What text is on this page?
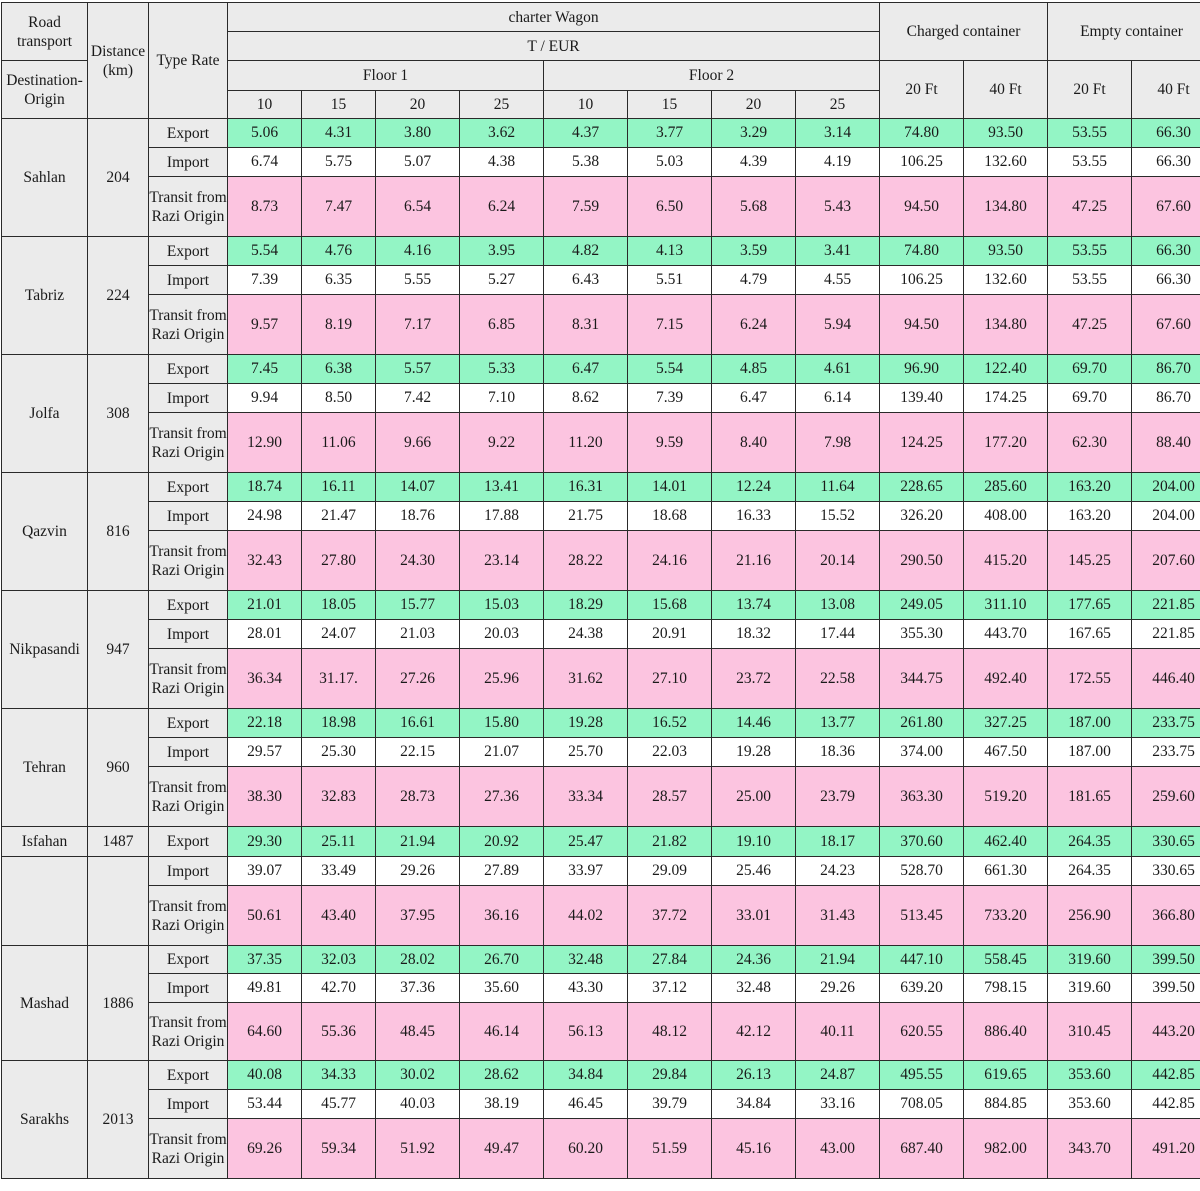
Road transport	Distance (km)	Type Rate	charter Wagon								Charged container		Empty container	
			T / EUR											
Destination-Origin			Floor 1				Floor 2				20 Ft	40 Ft	20 Ft	40 Ft
			10	15	20	25	10	15	20	25				
Sahlan	204	Export	5.06	4.31	3.80	3.62	4.37	3.77	3.29	3.14	74.80	93.50	53.55	66.30
		Import	6.74	5.75	5.07	4.38	5.38	5.03	4.39	4.19	106.25	132.60	53.55	66.30
		Transit from Razi Origin	8.73	7.47	6.54	6.24	7.59	6.50	5.68	5.43	94.50	134.80	47.25	67.60
Tabriz	224	Export	5.54	4.76	4.16	3.95	4.82	4.13	3.59	3.41	74.80	93.50	53.55	66.30
		Import	7.39	6.35	5.55	5.27	6.43	5.51	4.79	4.55	106.25	132.60	53.55	66.30
		Transit from Razi Origin	9.57	8.19	7.17	6.85	8.31	7.15	6.24	5.94	94.50	134.80	47.25	67.60
Jolfa	308	Export	7.45	6.38	5.57	5.33	6.47	5.54	4.85	4.61	96.90	122.40	69.70	86.70
		Import	9.94	8.50	7.42	7.10	8.62	7.39	6.47	6.14	139.40	174.25	69.70	86.70
		Transit from Razi Origin	12.90	11.06	9.66	9.22	11.20	9.59	8.40	7.98	124.25	177.20	62.30	88.40
Qazvin	816	Export	18.74	16.11	14.07	13.41	16.31	14.01	12.24	11.64	228.65	285.60	163.20	204.00
		Import	24.98	21.47	18.76	17.88	21.75	18.68	16.33	15.52	326.20	408.00	163.20	204.00
		Transit from Razi Origin	32.43	27.80	24.30	23.14	28.22	24.16	21.16	20.14	290.50	415.20	145.25	207.60
Nikpasandi	947	Export	21.01	18.05	15.77	15.03	18.29	15.68	13.74	13.08	249.05	311.10	177.65	221.85
		Import	28.01	24.07	21.03	20.03	24.38	20.91	18.32	17.44	355.30	443.70	167.65	221.85
		Transit from Razi Origin	36.34	31.17.	27.26	25.96	31.62	27.10	23.72	22.58	344.75	492.40	172.55	446.40
Tehran	960	Export	22.18	18.98	16.61	15.80	19.28	16.52	14.46	13.77	261.80	327.25	187.00	233.75
		Import	29.57	25.30	22.15	21.07	25.70	22.03	19.28	18.36	374.00	467.50	187.00	233.75
		Transit from Razi Origin	38.30	32.83	28.73	27.36	33.34	28.57	25.00	23.79	363.30	519.20	181.65	259.60
Isfahan	1487	Export	29.30	25.11	21.94	20.92	25.47	21.82	19.10	18.17	370.60	462.40	264.35	330.65
		Import	39.07	33.49	29.26	27.89	33.97	29.09	25.46	24.23	528.70	661.30	264.35	330.65
		Transit from Razi Origin	50.61	43.40	37.95	36.16	44.02	37.72	33.01	31.43	513.45	733.20	256.90	366.80
Mashad	1886	Export	37.35	32.03	28.02	26.70	32.48	27.84	24.36	21.94	447.10	558.45	319.60	399.50
		Import	49.81	42.70	37.36	35.60	43.30	37.12	32.48	29.26	639.20	798.15	319.60	399.50
		Transit from Razi Origin	64.60	55.36	48.45	46.14	56.13	48.12	42.12	40.11	620.55	886.40	310.45	443.20
Sarakhs	2013	Export	40.08	34.33	30.02	28.62	34.84	29.84	26.13	24.87	495.55	619.65	353.60	442.85
		Import	53.44	45.77	40.03	38.19	46.45	39.79	34.84	33.16	708.05	884.85	353.60	442.85
		Transit from Razi Origin	69.26	59.34	51.92	49.47	60.20	51.59	45.16	43.00	687.40	982.00	343.70	491.20
